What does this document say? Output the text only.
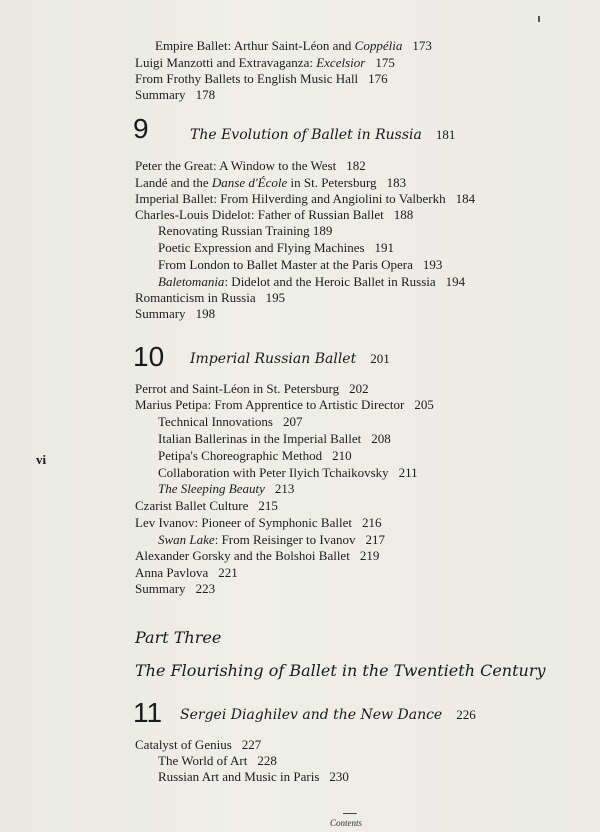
vi
Empire Ballet: Arthur Saint-Léon and Coppélia 173
Luigi Manzotti and Extravaganza: Excelsior 175
From Frothy Ballets to English Music Hall 176
Summary 178
9	The Evolution of Ballet in Russia 181
Peter the Great: A Window to the West 182
Landé and the Danse d'École in St. Petersburg 183
Imperial Ballet: From Hilverding and Angiolini to Valberkh 184
Charles-Louis Didelot: Father of Russian Ballet 188
Renovating Russian Training 189
Poetic Expression and Flying Machines 191
From London to Ballet Master at the Paris Opera 193
Baletomania: Didelot and the Heroic Ballet in Russia 194
Romanticism in Russia 195
Summary 198
10 Imperial Russian Ballet 201
Perrot and Saint-Léon in St. Petersburg 202
Marius Petipa: From Apprentice to Artistic Director 205
Technical Innovations 207
Italian Ballerinas in the Imperial Ballet 208
Petipa's Choreographic Method 210
Collaboration with Peter Ilyich Tchaikovsky 211
The Sleeping Beauty 213
Czarist Ballet Culture 215
Lev Ivanov: Pioneer of Symphonic Ballet 216
Swan Lake: From Reisinger to Ivanov 217
Alexander Gorsky and the Bolshoi Ballet 219
Anna Pavlova 221
Summary 223
Part Three
The Flourishing of Ballet in the Twentieth Century
11 Sergei Diaghilev and the New Dance 226
Catalyst of Genius 227
The World of Art 228
Russian Art and Music in Paris 230
Contents
